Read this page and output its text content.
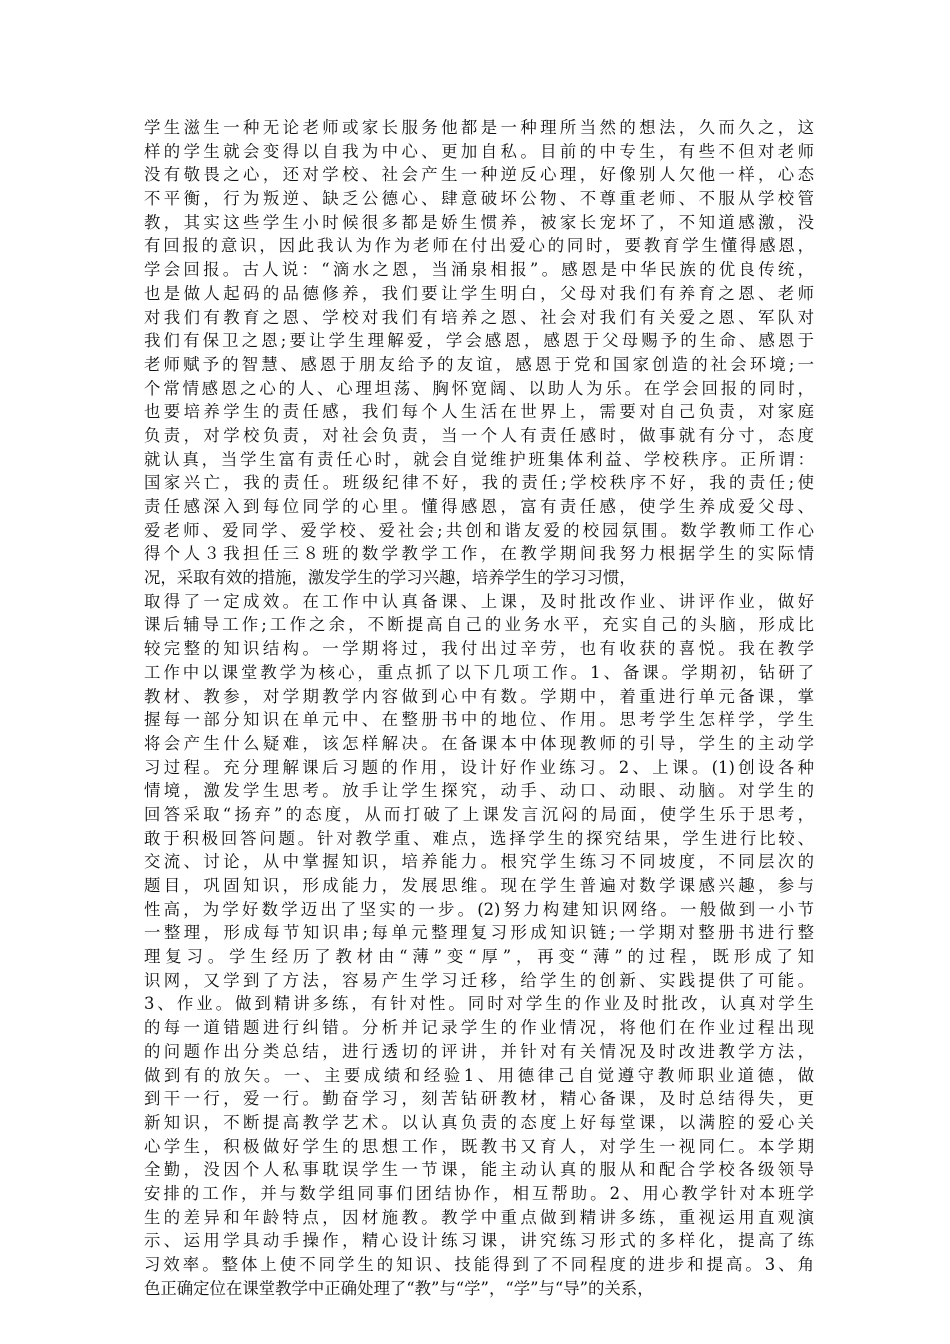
学生滋生一种无论老师或家长服务他都是一种理所当然的想法，久而久之，这
样的学生就会变得以自我为中心、更加自私。目前的中专生，有些不但对老师
没有敬畏之心，还对学校、社会产生一种逆反心理，好像别人欠他一样，心态
不平衡，行为叛逆、缺乏公德心、肆意破坏公物、不尊重老师、不服从学校管
教，其实这些学生小时候很多都是娇生惯养，被家长宠坏了，不知道感激，没
有回报的意识，因此我认为作为老师在付出爱心的同时，要教育学生懂得感恩，
学会回报。古人说：“滴水之恩，当涌泉相报”。感恩是中华民族的优良传统，
也是做人起码的品德修养，我们要让学生明白，父母对我们有养育之恩、老师
对我们有教育之恩、学校对我们有培养之恩、社会对我们有关爱之恩、军队对
我们有保卫之恩;要让学生理解爱，学会感恩，感恩于父母赐予的生命、感恩于
老师赋予的智慧、感恩于朋友给予的友谊，感恩于党和国家创造的社会环境;一
个常情感恩之心的人、心理坦荡、胸怀宽阔、以助人为乐。在学会回报的同时，
也要培养学生的责任感，我们每个人生活在世界上，需要对自己负责，对家庭
负责，对学校负责，对社会负责，当一个人有责任感时，做事就有分寸，态度
就认真，当学生富有责任心时，就会自觉维护班集体利益、学校秩序。正所谓：
国家兴亡，我的责任。班级纪律不好，我的责任;学校秩序不好，我的责任;使
责任感深入到每位同学的心里。懂得感恩，富有责任感，使学生养成爱父母、
爱老师、爱同学、爱学校、爱社会;共创和谐友爱的校园氛围。数学教师工作心
得个人３我担任三８班的数学教学工作，在教学期间我努力根据学生的实际情
况，采取有效的措施，激发学生的学习兴趣，培养学生的学习习惯，
取得了一定成效。在工作中认真备课、上课，及时批改作业、讲评作业，做好
课后辅导工作;工作之余，不断提高自己的业务水平，充实自己的头脑，形成比
较完整的知识结构。一学期将过，我付出过辛劳，也有收获的喜悦。我在教学
工作中以课堂教学为核心，重点抓了以下几项工作。1、备课。学期初，钻研了
教材、教参，对学期教学内容做到心中有数。学期中，着重进行单元备课，掌
握每一部分知识在单元中、在整册书中的地位、作用。思考学生怎样学，学生
将会产生什么疑难，该怎样解决。在备课本中体现教师的引导，学生的主动学
习过程。充分理解课后习题的作用，设计好作业练习。2、上课。(1)创设各种
情境，激发学生思考。放手让学生探究，动手、动口、动眼、动脑。对学生的
回答采取“扬弃”的态度，从而打破了上课发言沉闷的局面，使学生乐于思考，
敢于积极回答问题。针对教学重、难点，选择学生的探究结果，学生进行比较、
交流、讨论，从中掌握知识，培养能力。根究学生练习不同坡度，不同层次的
题目，巩固知识，形成能力，发展思维。现在学生普遍对数学课感兴趣，参与
性高，为学好数学迈出了坚实的一步。(2)努力构建知识网络。一般做到一小节
一整理，形成每节知识串;每单元整理复习形成知识链;一学期对整册书进行整
理复习。学生经历了教材由“薄”变“厚”，再变“薄”的过程，既形成了知
识网，又学到了方法，容易产生学习迁移，给学生的创新、实践提供了可能。
3、作业。做到精讲多练，有针对性。同时对学生的作业及时批改，认真对学生
的每一道错题进行纠错。分析并记录学生的作业情况，将他们在作业过程出现
的问题作出分类总结，进行透切的评讲，并针对有关情况及时改进教学方法，
做到有的放矢。一、主要成绩和经验1、用德律己自觉遵守教师职业道德，做
到干一行，爱一行。勤奋学习，刻苦钻研教材，精心备课，及时总结得失，更
新知识，不断提高教学艺术。以认真负责的态度上好每堂课，以满腔的爱心关
心学生，积极做好学生的思想工作，既教书又育人，对学生一视同仁。本学期
全勤，没因个人私事耽误学生一节课，能主动认真的服从和配合学校各级领导
安排的工作，并与数学组同事们团结协作，相互帮助。2、用心教学针对本班学
生的差异和年龄特点，因材施教。教学中重点做到精讲多练，重视运用直观演
示、运用学具动手操作，精心设计练习课，讲究练习形式的多样化，提高了练
习效率。整体上使不同学生的知识、技能得到了不同程度的进步和提高。3、角
色正确定位在课堂教学中正确处理了“教”与“学”，“学”与“导”的关系，
